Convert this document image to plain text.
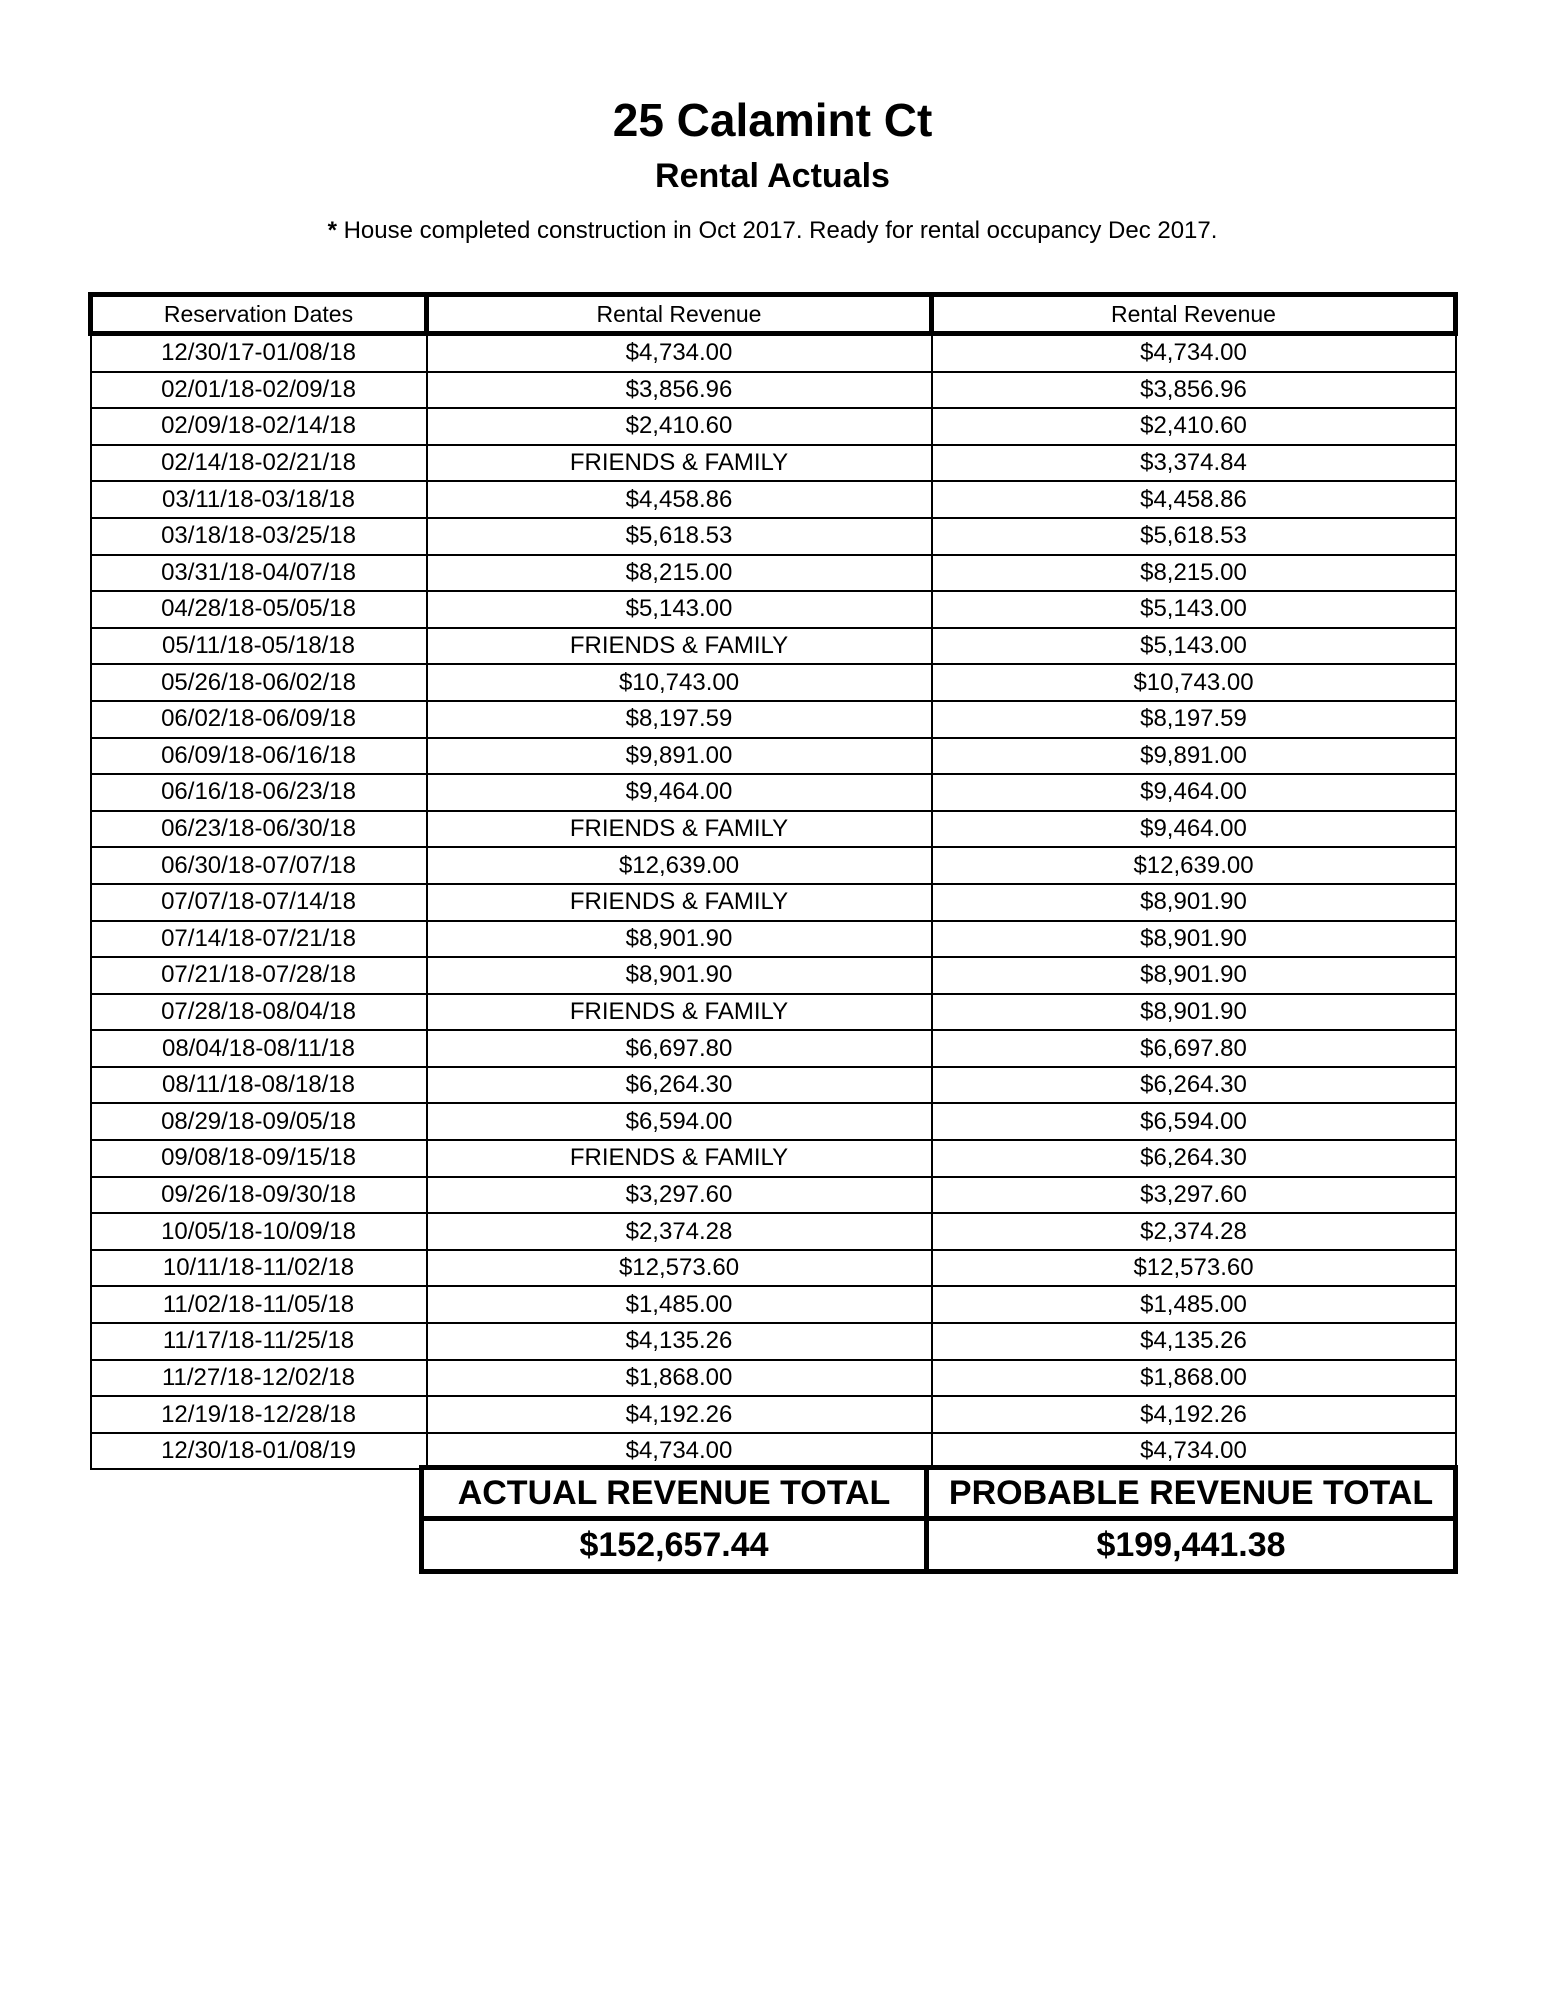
25 Calamint Ct
Rental Actuals
* House completed construction in Oct 2017. Ready for rental occupancy Dec 2017.
Reservation Dates	Rental Revenue	Rental Revenue
12/30/17-01/08/18	$4,734.00	$4,734.00
02/01/18-02/09/18	$3,856.96	$3,856.96
02/09/18-02/14/18	$2,410.60	$2,410.60
02/14/18-02/21/18	FRIENDS & FAMILY	$3,374.84
03/11/18-03/18/18	$4,458.86	$4,458.86
03/18/18-03/25/18	$5,618.53	$5,618.53
03/31/18-04/07/18	$8,215.00	$8,215.00
04/28/18-05/05/18	$5,143.00	$5,143.00
05/11/18-05/18/18	FRIENDS & FAMILY	$5,143.00
05/26/18-06/02/18	$10,743.00	$10,743.00
06/02/18-06/09/18	$8,197.59	$8,197.59
06/09/18-06/16/18	$9,891.00	$9,891.00
06/16/18-06/23/18	$9,464.00	$9,464.00
06/23/18-06/30/18	FRIENDS & FAMILY	$9,464.00
06/30/18-07/07/18	$12,639.00	$12,639.00
07/07/18-07/14/18	FRIENDS & FAMILY	$8,901.90
07/14/18-07/21/18	$8,901.90	$8,901.90
07/21/18-07/28/18	$8,901.90	$8,901.90
07/28/18-08/04/18	FRIENDS & FAMILY	$8,901.90
08/04/18-08/11/18	$6,697.80	$6,697.80
08/11/18-08/18/18	$6,264.30	$6,264.30
08/29/18-09/05/18	$6,594.00	$6,594.00
09/08/18-09/15/18	FRIENDS & FAMILY	$6,264.30
09/26/18-09/30/18	$3,297.60	$3,297.60
10/05/18-10/09/18	$2,374.28	$2,374.28
10/11/18-11/02/18	$12,573.60	$12,573.60
11/02/18-11/05/18	$1,485.00	$1,485.00
11/17/18-11/25/18	$4,135.26	$4,135.26
11/27/18-12/02/18	$1,868.00	$1,868.00
12/19/18-12/28/18	$4,192.26	$4,192.26
12/30/18-01/08/19	$4,734.00	$4,734.00
ACTUAL REVENUE TOTAL	PROBABLE REVENUE TOTAL
$152,657.44	$199,441.38
